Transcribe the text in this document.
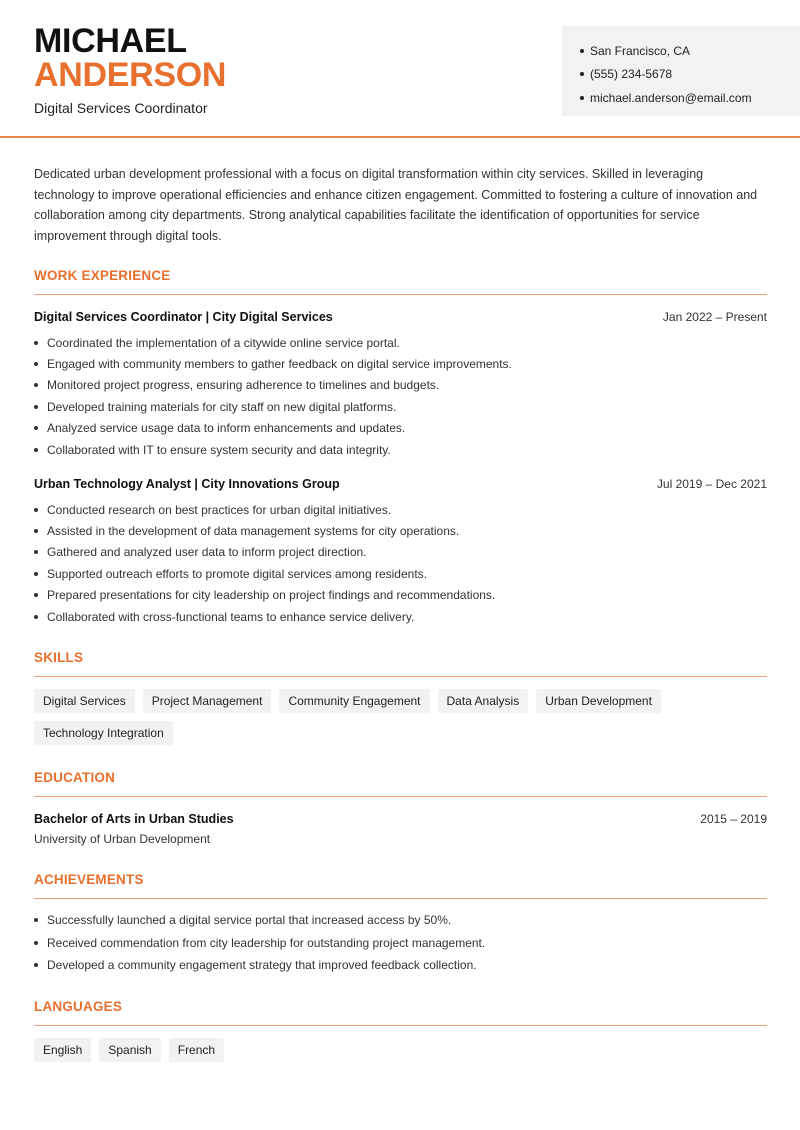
MICHAEL
ANDERSON
Digital Services Coordinator
San Francisco, CA
(555) 234-5678
michael.anderson@email.com

Dedicated urban development professional with a focus on digital transformation within city services. Skilled in leveraging technology to improve operational efficiencies and enhance citizen engagement. Committed to fostering a culture of innovation and collaboration among city departments. Strong analytical capabilities facilitate the identification of opportunities for service improvement through digital tools.

WORK EXPERIENCE
Digital Services Coordinator | City Digital Services	Jan 2022 – Present
Coordinated the implementation of a citywide online service portal.
Engaged with community members to gather feedback on digital service improvements.
Monitored project progress, ensuring adherence to timelines and budgets.
Developed training materials for city staff on new digital platforms.
Analyzed service usage data to inform enhancements and updates.
Collaborated with IT to ensure system security and data integrity.
Urban Technology Analyst | City Innovations Group	Jul 2019 – Dec 2021
Conducted research on best practices for urban digital initiatives.
Assisted in the development of data management systems for city operations.
Gathered and analyzed user data to inform project direction.
Supported outreach efforts to promote digital services among residents.
Prepared presentations for city leadership on project findings and recommendations.
Collaborated with cross-functional teams to enhance service delivery.
SKILLS
Digital Services	Project Management	Community Engagement	Data Analysis	Urban Development
Technology Integration
EDUCATION
Bachelor of Arts in Urban Studies	2015 – 2019
University of Urban Development
ACHIEVEMENTS
Successfully launched a digital service portal that increased access by 50%.
Received commendation from city leadership for outstanding project management.
Developed a community engagement strategy that improved feedback collection.
LANGUAGES
English	Spanish	French
